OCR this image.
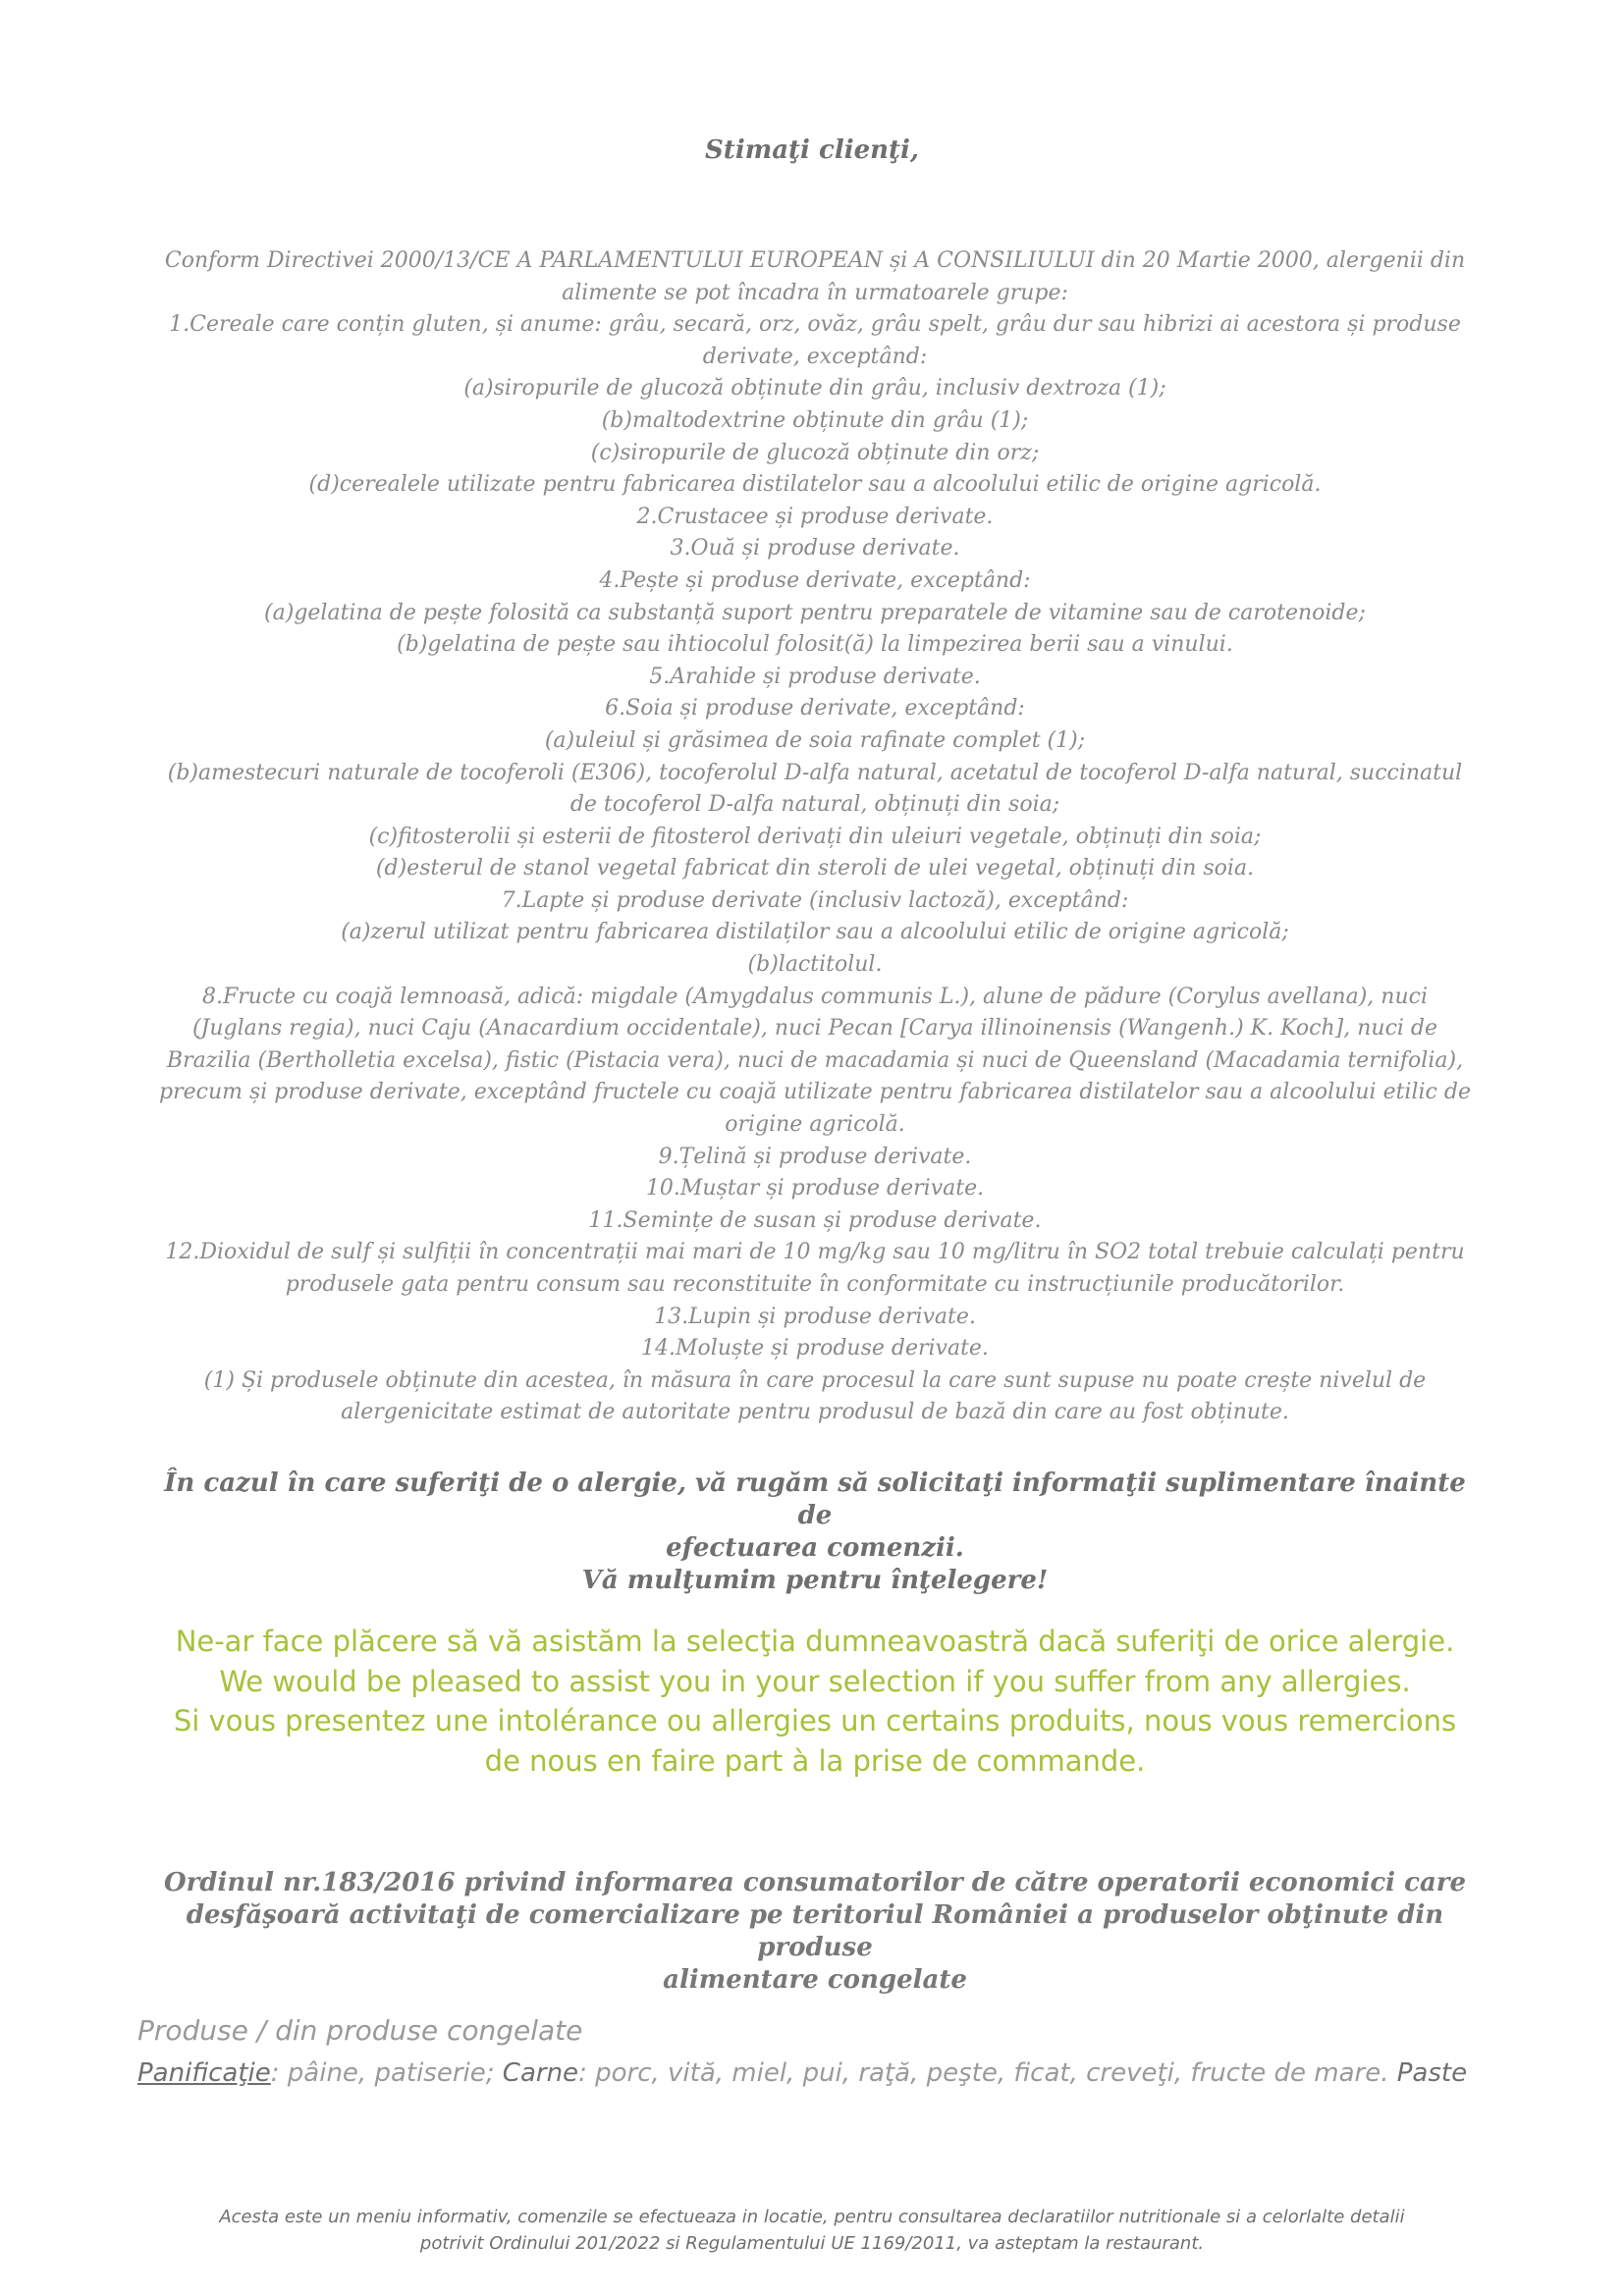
Stimaţi clienţi,
Conform Directivei 2000/13/CE A PARLAMENTULUI EUROPEAN și A CONSILIULUI din 20 Martie 2000, alergenii din
alimente se pot încadra în urmatoarele grupe:
1.Cereale care conțin gluten, și anume: grâu, secară, orz, ovăz, grâu spelt, grâu dur sau hibrizi ai acestora și produse
derivate, exceptând:
(a)siropurile de glucoză obținute din grâu, inclusiv dextroza (1);
(b)maltodextrine obținute din grâu (1);
(c)siropurile de glucoză obținute din orz;
(d)cerealele utilizate pentru fabricarea distilatelor sau a alcoolului etilic de origine agricolă.
2.Crustacee și produse derivate.
3.Ouă și produse derivate.
4.Pește și produse derivate, exceptând:
(a)gelatina de pește folosită ca substanță suport pentru preparatele de vitamine sau de carotenoide;
(b)gelatina de pește sau ihtiocolul folosit(ă) la limpezirea berii sau a vinului.
5.Arahide și produse derivate.
6.Soia și produse derivate, exceptând:
(a)uleiul și grăsimea de soia rafinate complet (1);
(b)amestecuri naturale de tocoferoli (E306), tocoferolul D-alfa natural, acetatul de tocoferol D-alfa natural, succinatul
de tocoferol D-alfa natural, obținuți din soia;
(c)fitosterolii și esterii de fitosterol derivați din uleiuri vegetale, obținuți din soia;
(d)esterul de stanol vegetal fabricat din steroli de ulei vegetal, obținuți din soia.
7.Lapte și produse derivate (inclusiv lactoză), exceptând:
(a)zerul utilizat pentru fabricarea distilaților sau a alcoolului etilic de origine agricolă;
(b)lactitolul.
8.Fructe cu coajă lemnoasă, adică: migdale (Amygdalus communis L.), alune de pădure (Corylus avellana), nuci
(Juglans regia), nuci Caju (Anacardium occidentale), nuci Pecan [Carya illinoinensis (Wangenh.) K. Koch], nuci de
Brazilia (Bertholletia excelsa), fistic (Pistacia vera), nuci de macadamia și nuci de Queensland (Macadamia ternifolia),
precum și produse derivate, exceptând fructele cu coajă utilizate pentru fabricarea distilatelor sau a alcoolului etilic de
origine agricolă.
9.Țelină și produse derivate.
10.Muștar și produse derivate.
11.Semințe de susan și produse derivate.
12.Dioxidul de sulf și sulfiții în concentrații mai mari de 10 mg/kg sau 10 mg/litru în SO2 total trebuie calculați pentru
produsele gata pentru consum sau reconstituite în conformitate cu instrucțiunile producătorilor.
13.Lupin și produse derivate.
14.Moluște și produse derivate.
(1) Și produsele obținute din acestea, în măsura în care procesul la care sunt supuse nu poate crește nivelul de
alergenicitate estimat de autoritate pentru produsul de bază din care au fost obținute.
În cazul în care suferiţi de o alergie, vă rugăm să solicitaţi informaţii suplimentare înainte de
efectuarea comenzii.
Vă mulţumim pentru înţelegere!
Ne-ar face plăcere să vă asistăm la selecţia dumneavoastră dacă suferiţi de orice alergie.
We would be pleased to assist you in your selection if you suffer from any allergies.
Si vous presentez une intolérance ou allergies un certains produits, nous vous remercions
de nous en faire part à la prise de commande.
Ordinul nr.183/2016 privind informarea consumatorilor de către operatorii economici care
desfăşoară activitaţi de comercializare pe teritoriul României a produselor obţinute din produse
alimentare congelate
Produse / din produse congelate
Panificaţie: pâine, patiserie; Carne: porc, vită, miel, pui, raţă, peşte, ficat, creveţi, fructe de mare. Paste
Acesta este un meniu informativ, comenzile se efectueaza in locatie, pentru consultarea declaratiilor nutritionale si a celorlalte detalii
potrivit Ordinului 201/2022 si Regulamentului UE 1169/2011, va asteptam la restaurant.
